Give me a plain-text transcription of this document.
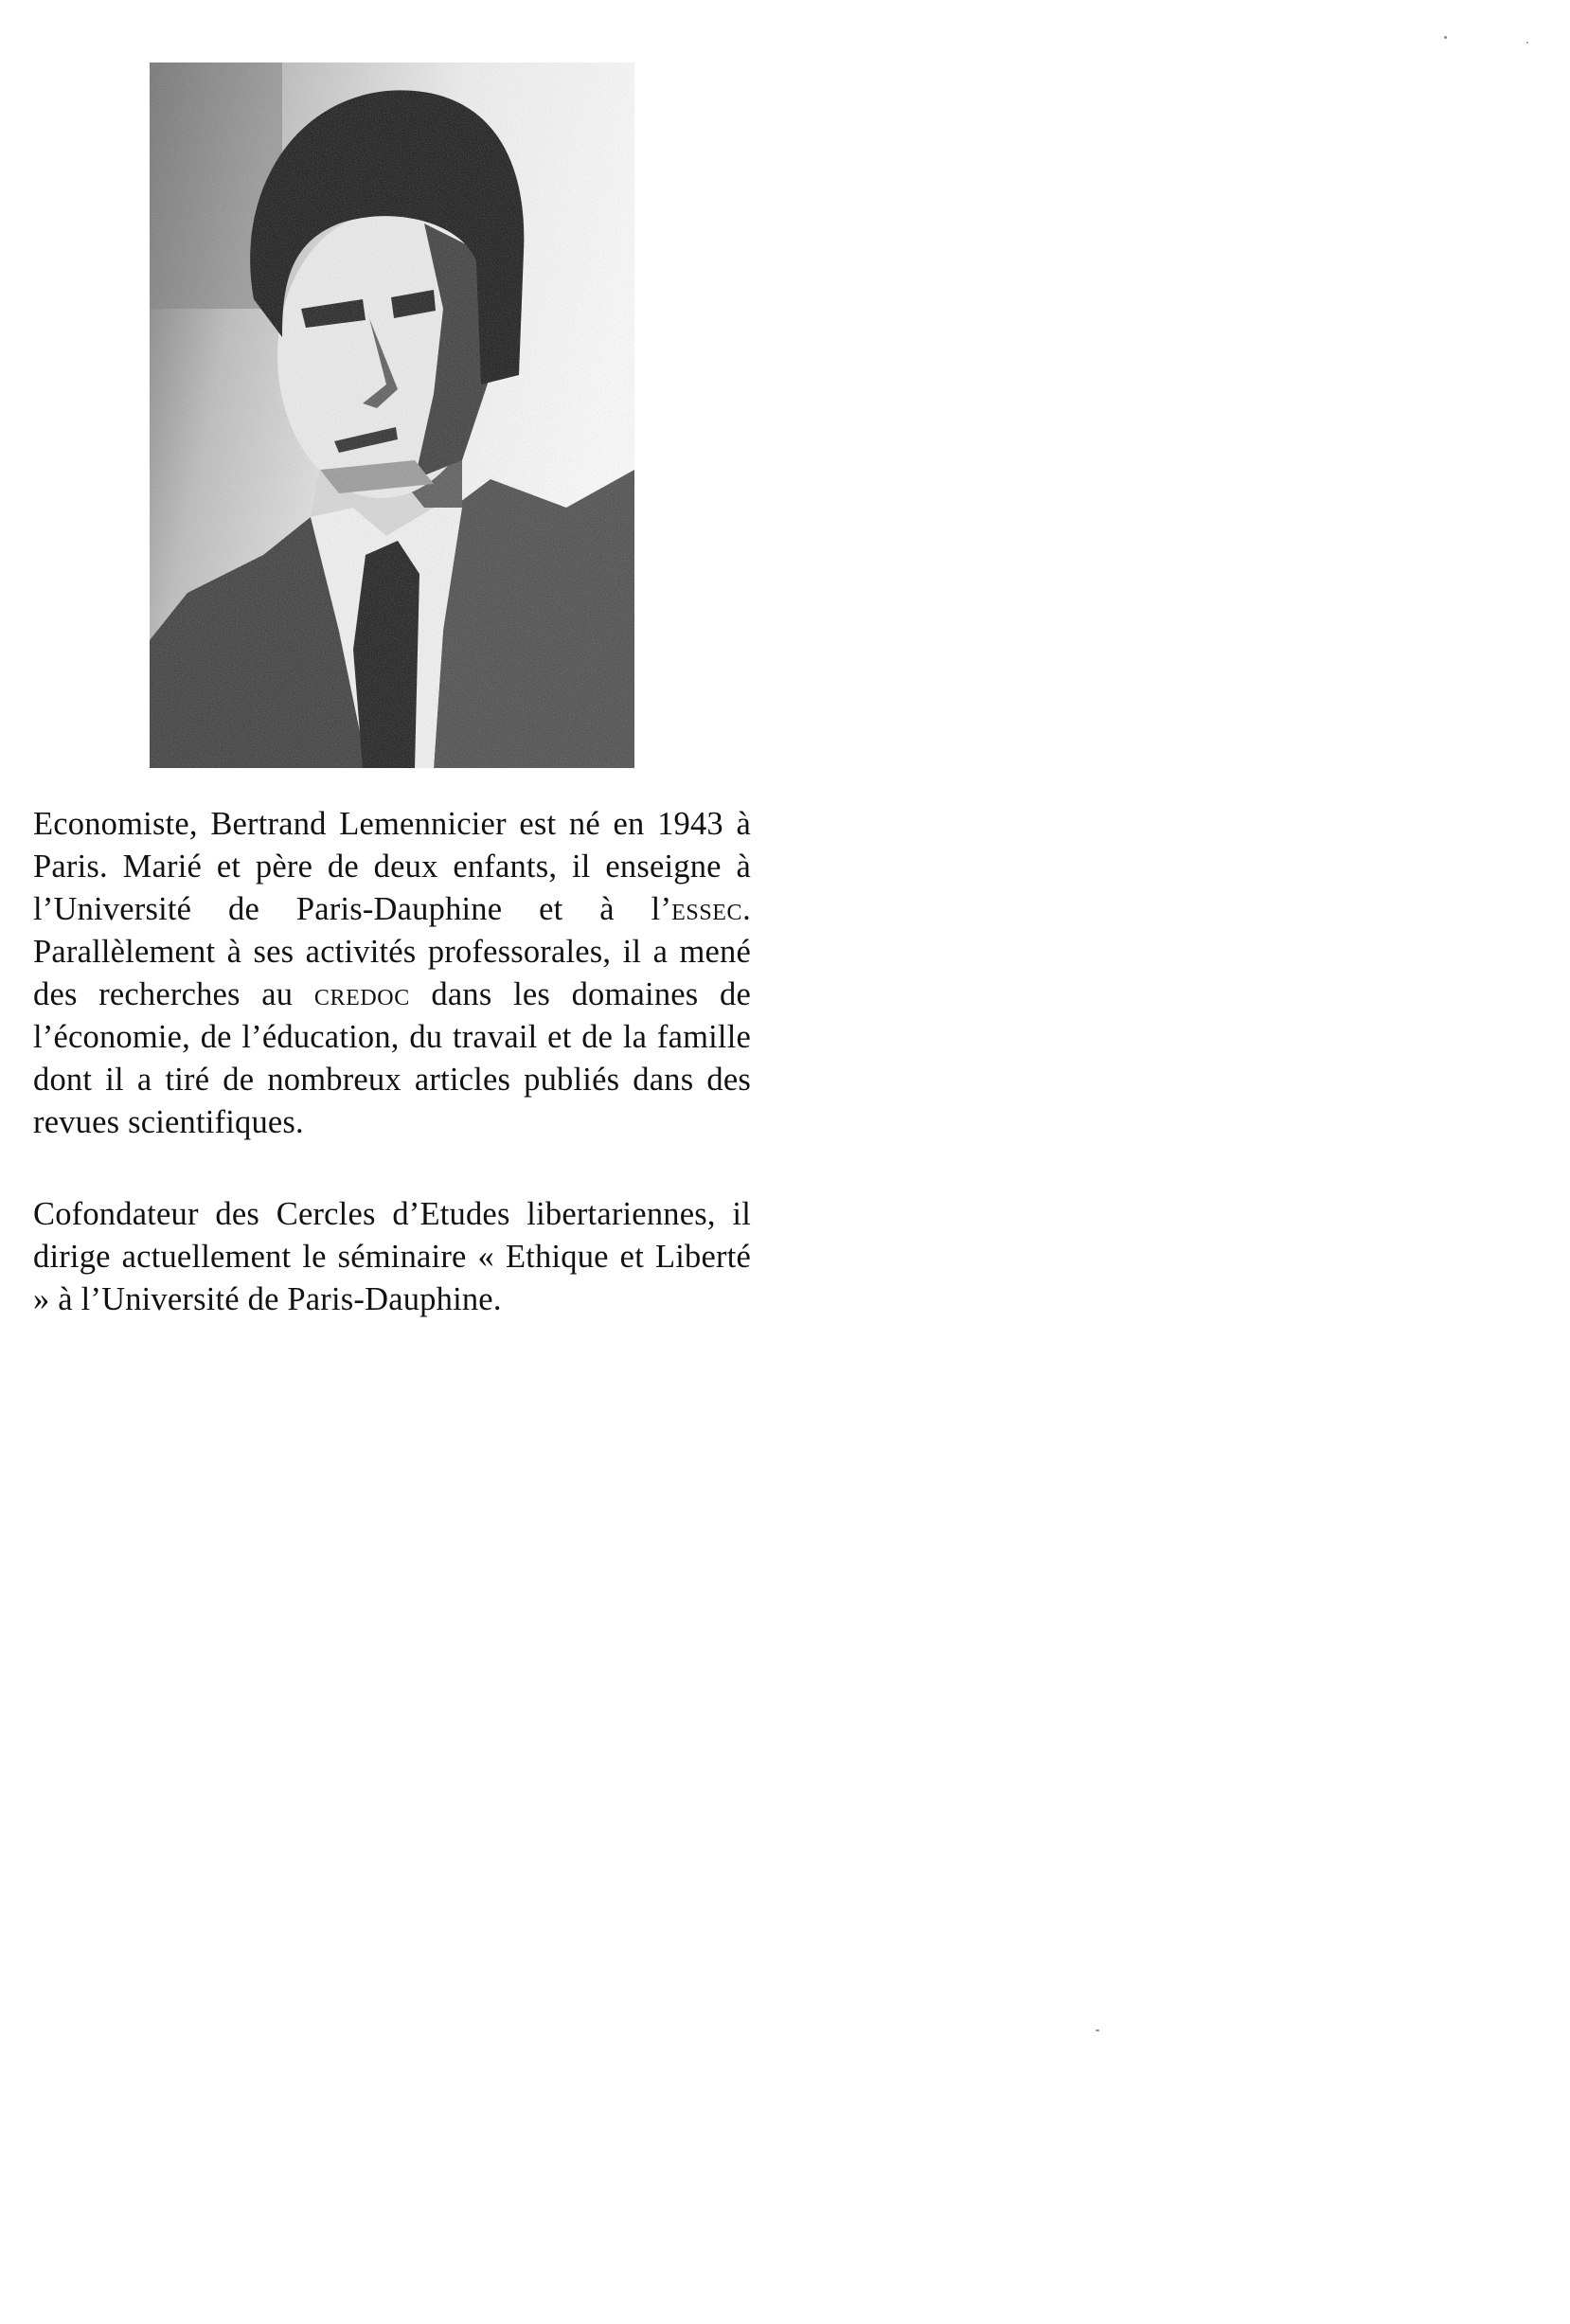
Economiste, Bertrand Lemennicier est né en 1943 à Paris. Marié et père de deux enfants, il enseigne à l’Université de Paris-Dauphine et à l’essec. Parallèlement à ses activités professorales, il a mené des recherches au credoc dans les domaines de l’économie, de l’éducation, du travail et de la famille dont il a tiré de nombreux articles publiés dans des revues scientifiques.

Cofondateur des Cercles d’Etudes libertariennes, il dirige actuellement le séminaire « Ethique et Liberté » à l’Université de Paris-Dauphine.
